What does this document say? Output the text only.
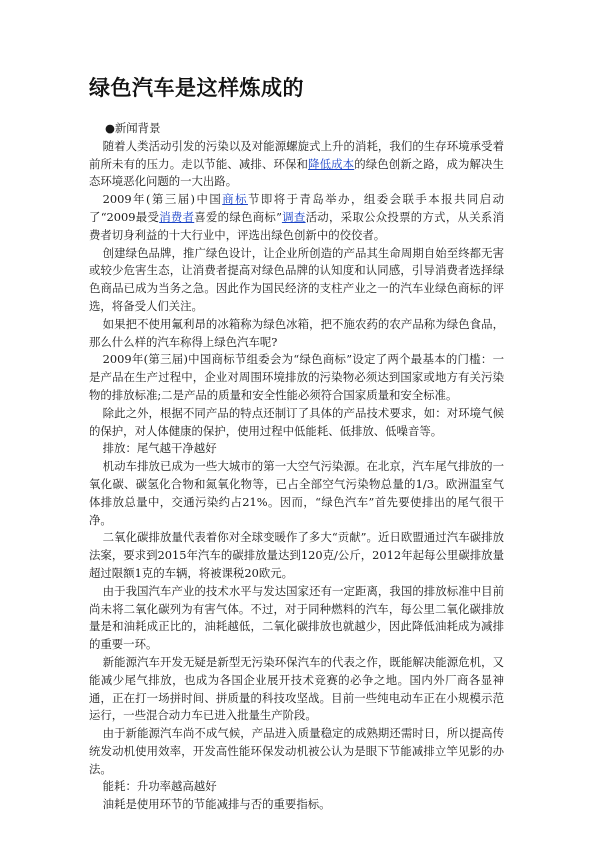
绿色汽车是这样炼成的

●新闻背景

随着人类活动引发的污染以及对能源螺旋式上升的消耗，我们的生存环境承受着前所未有的压力。走以节能、减排、环保和降低成本的绿色创新之路，成为解决生态环境恶化问题的一大出路。

2009年(第三届)中国商标节即将于青岛举办，组委会联手本报共同启动了“2009最受消费者喜爱的绿色商标”调查活动，采取公众投票的方式，从关系消费者切身利益的十大行业中，评选出绿色创新中的佼佼者。

创建绿色品牌，推广绿色设计，让企业所创造的产品其生命周期自始至终都无害或较少危害生态，让消费者提高对绿色品牌的认知度和认同感，引导消费者选择绿色商品已成为当务之急。因此作为国民经济的支柱产业之一的汽车业绿色商标的评选，将备受人们关注。

如果把不使用氟利昂的冰箱称为绿色冰箱，把不施农药的农产品称为绿色食品，那么什么样的汽车称得上绿色汽车呢?

2009年(第三届)中国商标节组委会为“绿色商标”设定了两个最基本的门槛：一是产品在生产过程中，企业对周围环境排放的污染物必须达到国家或地方有关污染物的排放标准;二是产品的质量和安全性能必须符合国家质量和安全标准。

除此之外，根据不同产品的特点还制订了具体的产品技术要求，如：对环境气候的保护，对人体健康的保护，使用过程中低能耗、低排放、低噪音等。

排放：尾气越干净越好

机动车排放已成为一些大城市的第一大空气污染源。在北京，汽车尾气排放的一氧化碳、碳氢化合物和氮氧化物等，已占全部空气污染物总量的1/3。欧洲温室气体排放总量中，交通污染约占21%。因而，“绿色汽车”首先要使排出的尾气很干净。

二氧化碳排放量代表着你对全球变暖作了多大“贡献”。近日欧盟通过汽车碳排放法案，要求到2015年汽车的碳排放量达到120克/公斤，2012年起每公里碳排放量超过限额1克的车辆，将被课税20欧元。

由于我国汽车产业的技术水平与发达国家还有一定距离，我国的排放标准中目前尚未将二氧化碳列为有害气体。不过，对于同种燃料的汽车，每公里二氧化碳排放量是和油耗成正比的，油耗越低，二氧化碳排放也就越少，因此降低油耗成为减排的重要一环。

新能源汽车开发无疑是新型无污染环保汽车的代表之作，既能解决能源危机，又能减少尾气排放，也成为各国企业展开技术竞赛的必争之地。国内外厂商各显神通，正在打一场拼时间、拼质量的科技攻坚战。目前一些纯电动车正在小规模示范运行，一些混合动力车已进入批量生产阶段。

由于新能源汽车尚不成气候，产品进入质量稳定的成熟期还需时日，所以提高传统发动机使用效率，开发高性能环保发动机被公认为是眼下节能减排立竿见影的办法。

能耗：升功率越高越好

油耗是使用环节的节能减排与否的重要指标。
